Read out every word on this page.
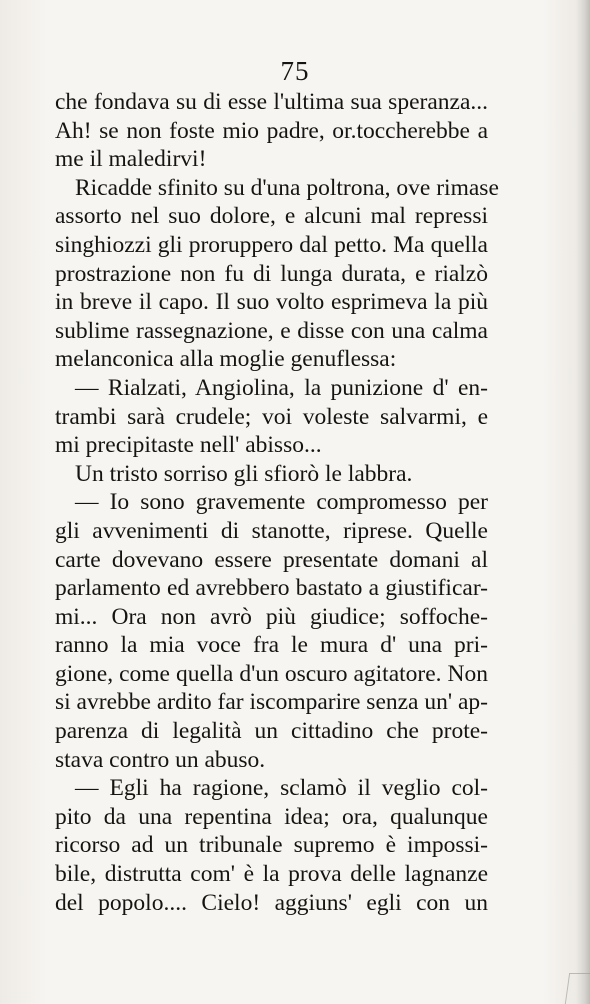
75
che fondava su di esse l'ultima sua speranza...
Ah! se non foste mio padre, or.toccherebbe a
me il maledirvi!
Ricadde sfinito su d'una poltrona, ove rimase
assorto nel suo dolore, e alcuni mal repressi
singhiozzi gli proruppero dal petto. Ma quella
prostrazione non fu di lunga durata, e rialzò
in breve il capo. Il suo volto esprimeva la più
sublime rassegnazione, e disse con una calma
melanconica alla moglie genuflessa:
— Rialzati, Angiolina, la punizione d' en-
trambi sarà crudele; voi voleste salvarmi, e
mi precipitaste nell' abisso...
Un tristo sorriso gli sfiorò le labbra.
— Io sono gravemente compromesso per
gli avvenimenti di stanotte, riprese. Quelle
carte dovevano essere presentate domani al
parlamento ed avrebbero bastato a giustificar-
mi... Ora non avrò più giudice; soffoche-
ranno la mia voce fra le mura d' una pri-
gione, come quella d'un oscuro agitatore. Non
si avrebbe ardito far iscomparire senza un' ap-
parenza di legalità un cittadino che prote-
stava contro un abuso.
— Egli ha ragione, sclamò il veglio col-
pito da una repentina idea; ora, qualunque
ricorso ad un tribunale supremo è impossi-
bile, distrutta com' è la prova delle lagnanze
del popolo.... Cielo! aggiuns' egli con un
